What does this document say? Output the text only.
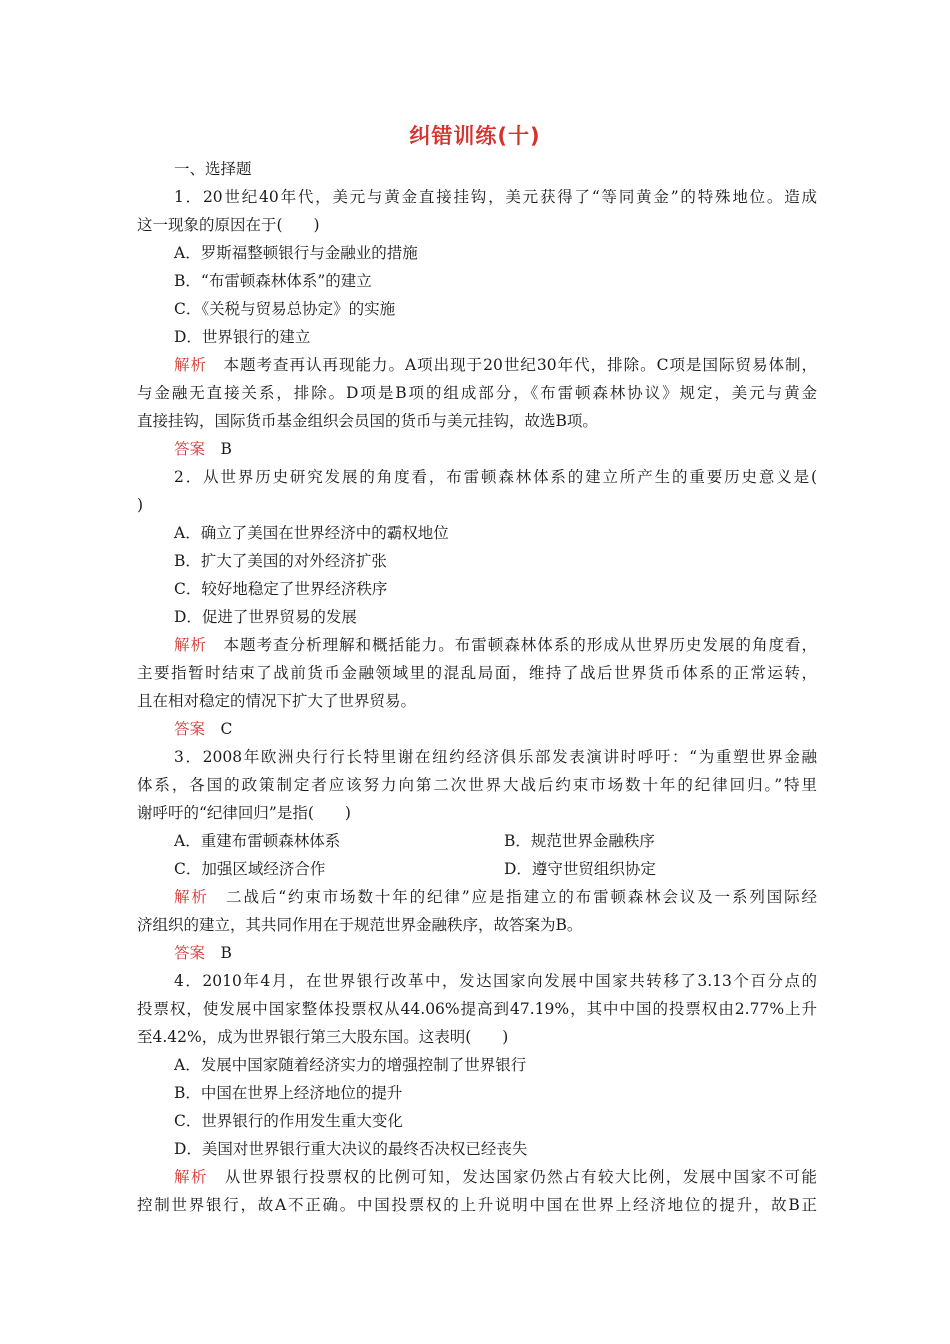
纠错训练(十)
一、选择题
1．20世纪40年代，美元与黄金直接挂钩，美元获得了“等同黄金”的特殊地位。造成
这一现象的原因在于(　　)
A．罗斯福整顿银行与金融业的措施
B．“布雷顿森林体系”的建立
C．《关税与贸易总协定》的实施
D．世界银行的建立
解析　本题考查再认再现能力。A项出现于20世纪30年代，排除。C项是国际贸易体制，
与金融无直接关系，排除。D项是B项的组成部分，《布雷顿森林协议》规定，美元与黄金
直接挂钩，国际货币基金组织会员国的货币与美元挂钩，故选B项。
答案　B
2．从世界历史研究发展的角度看，布雷顿森林体系的建立所产生的重要历史意义是(
)
A．确立了美国在世界经济中的霸权地位
B．扩大了美国的对外经济扩张
C．较好地稳定了世界经济秩序
D．促进了世界贸易的发展
解析　本题考查分析理解和概括能力。布雷顿森林体系的形成从世界历史发展的角度看，
主要指暂时结束了战前货币金融领域里的混乱局面，维持了战后世界货币体系的正常运转，
且在相对稳定的情况下扩大了世界贸易。
答案　C
3．2008年欧洲央行行长特里谢在纽约经济俱乐部发表演讲时呼吁：“为重塑世界金融
体系，各国的政策制定者应该努力向第二次世界大战后约束市场数十年的纪律回归。”特里
谢呼吁的“纪律回归”是指(　　)
A．重建布雷顿森林体系	B．规范世界金融秩序
C．加强区域经济合作	D．遵守世贸组织协定
解析　二战后“约束市场数十年的纪律”应是指建立的布雷顿森林会议及一系列国际经
济组织的建立，其共同作用在于规范世界金融秩序，故答案为B。
答案　B
4．2010年4月，在世界银行改革中，发达国家向发展中国家共转移了3.13个百分点的
投票权，使发展中国家整体投票权从44.06%提高到47.19%，其中中国的投票权由2.77%上升
至4.42%，成为世界银行第三大股东国。这表明(　　)
A．发展中国家随着经济实力的增强控制了世界银行
B．中国在世界上经济地位的提升
C．世界银行的作用发生重大变化
D．美国对世界银行重大决议的最终否决权已经丧失
解析　从世界银行投票权的比例可知，发达国家仍然占有较大比例，发展中国家不可能
控制世界银行，故A不正确。中国投票权的上升说明中国在世界上经济地位的提升，故B正
